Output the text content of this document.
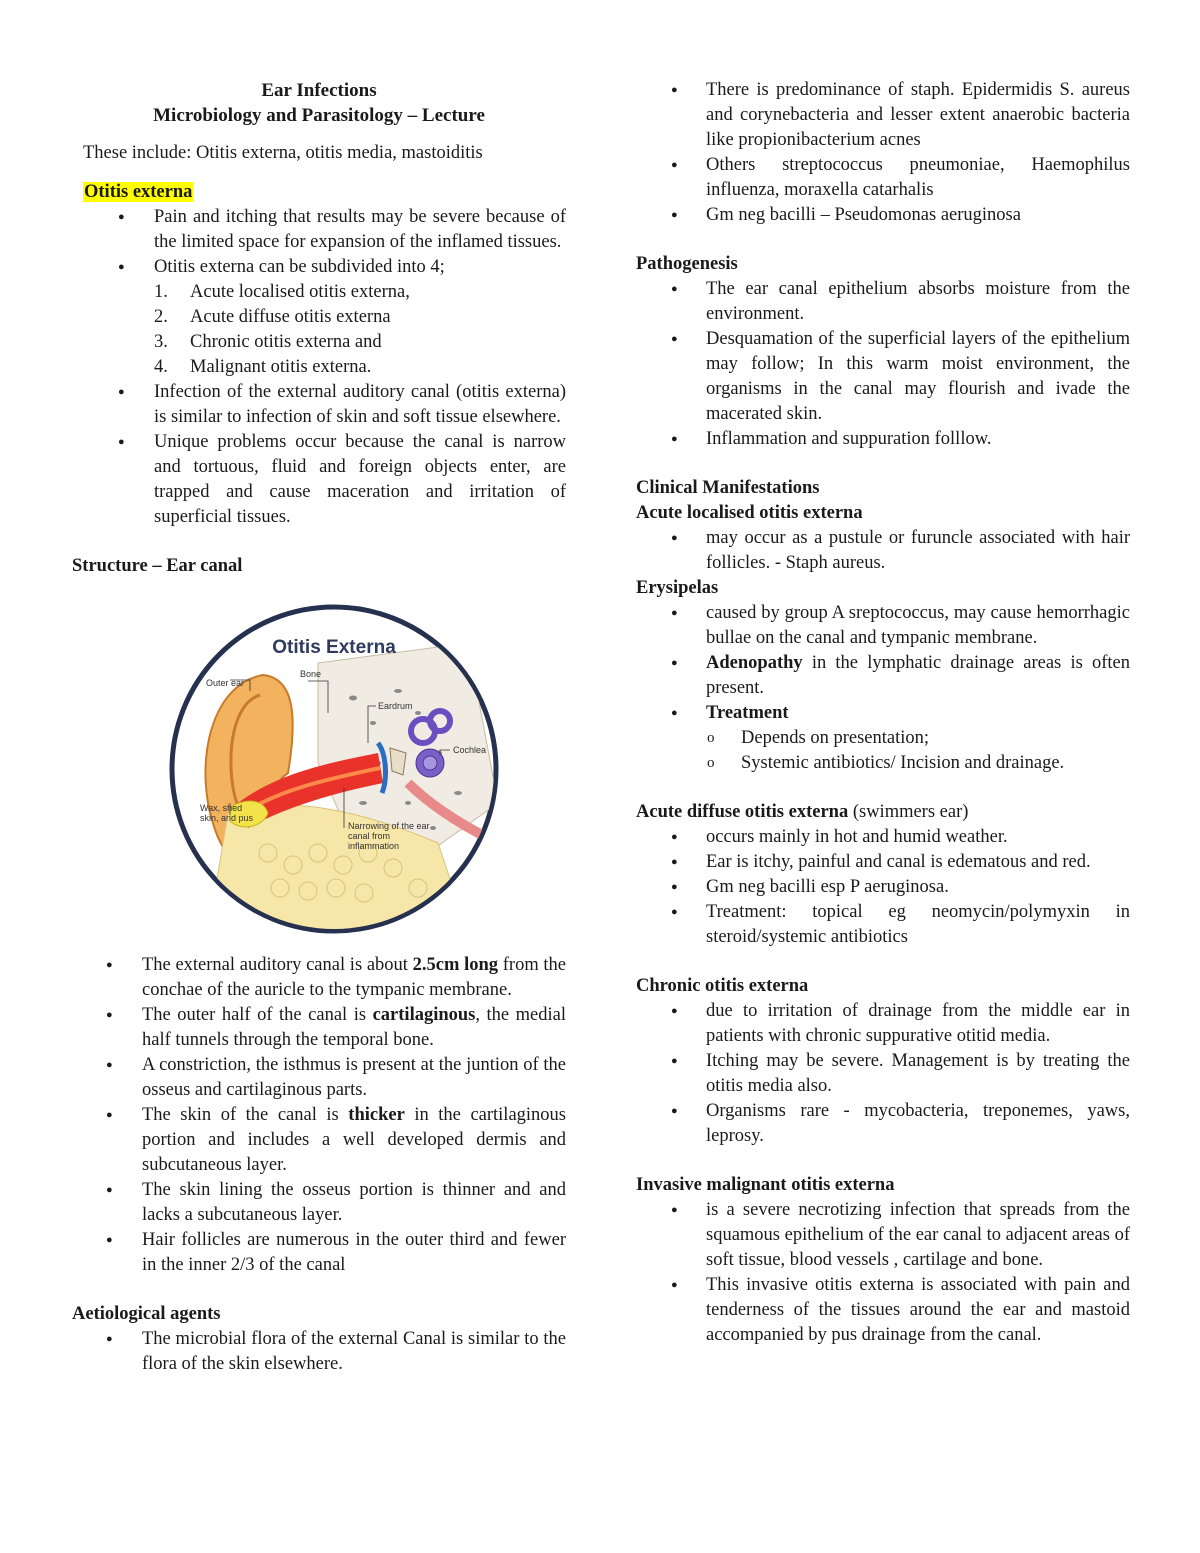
Ear Infections
Microbiology and Parasitology – Lecture
These include: Otitis externa, otitis media, mastoiditis
Otitis externa
● Pain and itching that results may be severe because of the limited space for expansion of the inflamed tissues.
● Otitis externa can be subdivided into 4;
1. Acute localised otitis externa,
2. Acute diffuse otitis externa
3. Chronic otitis externa and
4. Malignant otitis externa.
● Infection of the external auditory canal (otitis externa) is similar to infection of skin and soft tissue elsewhere.
● Unique problems occur because the canal is narrow and tortuous, fluid and foreign objects enter, are trapped and cause maceration and irritation of superficial tissues.
Structure – Ear canal
Otitis Externa
Outer ear
Bone
Eardrum
Cochlea
Wax, shed skin, and pus
Narrowing of the ear canal from inflammation
● The external auditory canal is about 2.5cm long from the conchae of the auricle to the tympanic membrane.
● The outer half of the canal is cartilaginous, the medial half tunnels through the temporal bone.
● A constriction, the isthmus is present at the juntion of the osseus and cartilaginous parts.
● The skin of the canal is thicker in the cartilaginous portion and includes a well developed dermis and subcutaneous layer.
● The skin lining the osseus portion is thinner and and lacks a subcutaneous layer.
● Hair follicles are numerous in the outer third and fewer in the inner 2/3 of the canal
Aetiological agents
● The microbial flora of the external Canal is similar to the flora of the skin elsewhere.
● There is predominance of staph. Epidermidis S. aureus and corynebacteria and lesser extent anaerobic bacteria like propionibacterium acnes
● Others streptococcus pneumoniae, Haemophilus influenza, moraxella catarhalis
● Gm neg bacilli – Pseudomonas aeruginosa
Pathogenesis
● The ear canal epithelium absorbs moisture from the environment.
● Desquamation of the superficial layers of the epithelium may follow; In this warm moist environment, the organisms in the canal may flourish and ivade the macerated skin.
● Inflammation and suppuration folllow.
Clinical Manifestations
Acute localised otitis externa
● may occur as a pustule or furuncle associated with hair follicles. - Staph aureus.
Erysipelas
● caused by group A sreptococcus, may cause hemorrhagic bullae on the canal and tympanic membrane.
● Adenopathy in the lymphatic drainage areas is often present.
● Treatment
o Depends on presentation;
o Systemic antibiotics/ Incision and drainage.
Acute diffuse otitis externa (swimmers ear)
● occurs mainly in hot and humid weather.
● Ear is itchy, painful and canal is edematous and red.
● Gm neg bacilli esp P aeruginosa.
● Treatment: topical eg neomycin/polymyxin in steroid/systemic antibiotics
Chronic otitis externa
● due to irritation of drainage from the middle ear in patients with chronic suppurative otitid media.
● Itching may be severe. Management is by treating the otitis media also.
● Organisms rare - mycobacteria, treponemes, yaws, leprosy.
Invasive malignant otitis externa
● is a severe necrotizing infection that spreads from the squamous epithelium of the ear canal to adjacent areas of soft tissue, blood vessels , cartilage and bone.
● This invasive otitis externa is associated with pain and tenderness of the tissues around the ear and mastoid accompanied by pus drainage from the canal.
